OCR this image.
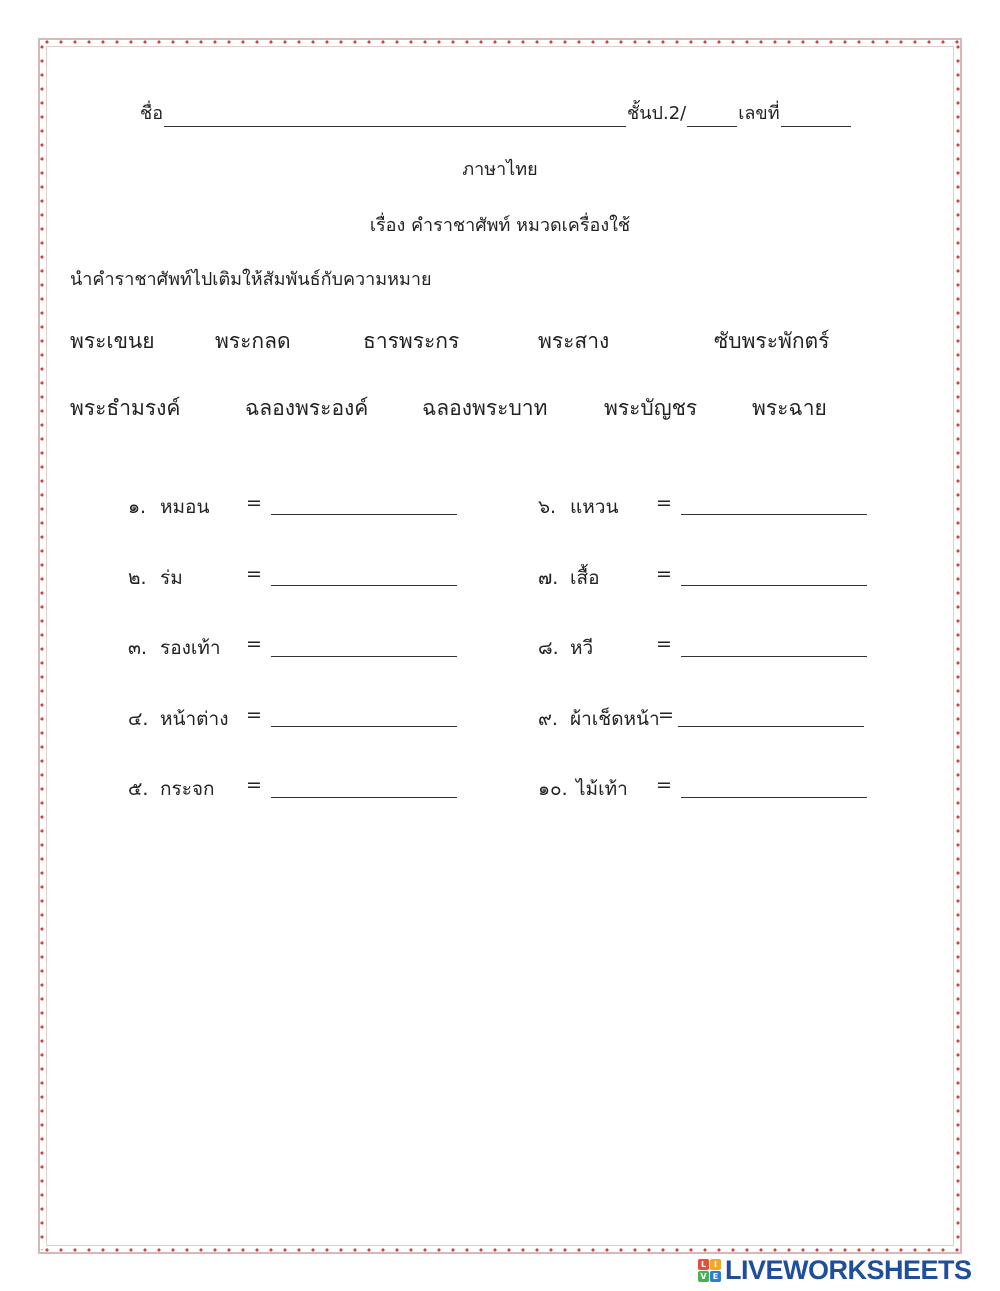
ชื่อ	ชั้นป.2/	เลขที่
ภาษาไทย
เรื่อง คำราชาศัพท์ หมวดเครื่องใช้
นำคำราชาศัพท์ไปเติมให้สัมพันธ์กับความหมาย
พระเขนย	พระกลด	ธารพระกร	พระสาง	ซับพระพักตร์
พระธำมรงค์	ฉลองพระองค์	ฉลองพระบาท	พระบัญชร	พระฉาย
๑. หมอน =
๒. ร่ม	=
๓. รองเท้า =
๔. หน้าต่าง =
๕. กระจก =
๖. แหวน =
๗. เสื้อ	=
๘. หวี	=
๙. ผ้าเช็ดหน้า
=
๑๐. ไม้เท้า =
L I
V E LIVEWORKSHEETS
